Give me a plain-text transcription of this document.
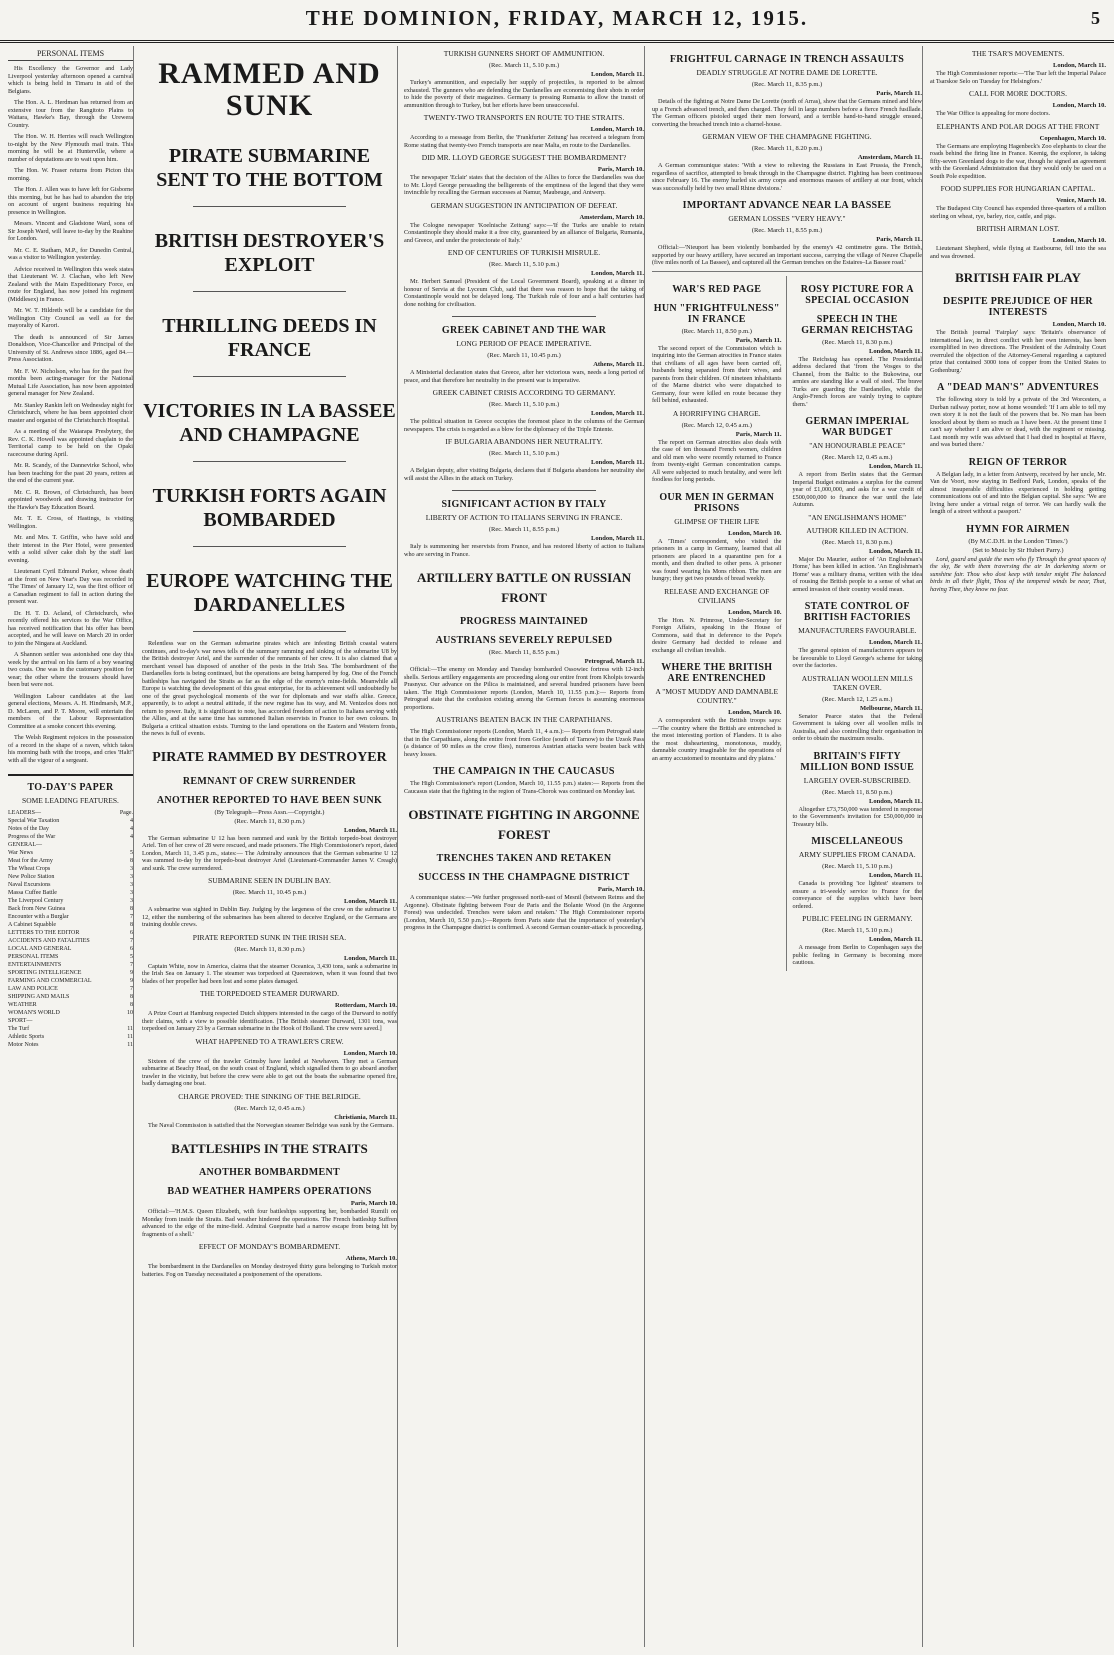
THE DOMINION, FRIDAY, MARCH 12, 1915.	5
PERSONAL ITEMS

His Excellency the Governor and Lady Liverpool yesterday afternoon opened a carnival which is being held in Timaru in aid of the Belgians.

The Hon. A. L. Herdman has returned from an extensive tour from the Rangitoto Plains to Waitara, Hawke's Bay, through the Urewera Country.

The Hon. W. H. Herries will reach Wellington to-night by the New Plymouth mail train. This morning he will be at Hunterville, where a number of deputations are to wait upon him.

The Hon. W. Fraser returns from Picton this morning.

The Hon. J. Allen was to have left for Gisborne this morning, but he has had to abandon the trip on account of urgent business requiring his presence in Wellington.

Messrs. Vincent and Gladstone Ward, sons of Sir Joseph Ward, will leave to-day by the Ruahine for London.

Mr. C. E. Statham, M.P., for Dunedin Central, was a visitor to Wellington yesterday.

Advice received in Wellington this week states that Lieutenant W. J. Clachan, who left New Zealand with the Main Expeditionary Force, en route for England, has now joined his regiment (Middlesex) in France.

Mr. W. T. Hildreth will be a candidate for the Wellington City Council as well as for the mayoralty of Karori.

The death is announced of Sir James Donaldson, Vice-Chancellor and Principal of the University of St. Andrews since 1886, aged 84.—Press Association.

Mr. F. W. Nicholson, who has for the past five months been acting-manager for the National Mutual Life Association, has now been appointed general manager for New Zealand.

Mr. Stanley Rankin left on Wednesday night for Christchurch, where he has been appointed choir master and organist of the Christchurch Hospital.

As a meeting of the Waiarapa Presbytery, the Rev. C. K. Howell was appointed chaplain to the Territorial camp to be held on the Opaki racecourse during April.

Mr. R. Scandy, of the Dannevirke School, who has been teaching for the past 20 years, retires at the end of the current year.

Mr. C. R. Brown, of Christchurch, has been appointed woodwork and drawing instructor for the Hawke's Bay Education Board.

Mr. T. E. Cross, of Hastings, is visiting Wellington.

Mr. and Mrs. T. Griffin, who have sold and their interest in the Pier Hotel, were presented with a solid silver cake dish by the staff last evening.

Lieutenant Cyril Edmund Parker, whose death at the front on New Year's Day was recorded in 'The Times' of January 12, was the first officer of a Canadian regiment to fall in action during the present war.

Dr. H. T. D. Acland, of Christchurch, who recently offered his services to the War Office, has received notification that his offer has been accepted, and he will leave on March 20 in order to join the Ningara at Auckland.

A Shannon settler was astonished one day this week by the arrival on his farm of a boy wearing two coats. One was in the customary position for wear; the other where the trousers should have been but were not.

Wellington Labour candidates at the last general elections, Messrs. A. H. Hindmarsh, M.P., D. McLaren, and P. T. Moore, will entertain the members of the Labour Representation Committee at a smoke concert this evening.

The Welsh Regiment rejoices in the possession of a record in the shape of a raven, which takes his morning bath with the troops, and cries 'Halt!' with all the vigour of a sergeant.

TO-DAY'S PAPER
SOME LEADING FEATURES.
LEADERS—	Page.
Special War Taxation	4
Notes of the Day	4
Progress of the War	4
GENERAL—
War News	5
Meat for the Army	8
The Wheat Crops	3
New Police Station	3
Naval Excursions	3
Massa Cuffee Battle	3
The Liverpool Century	3
Back from New Guinea	8
Encounter with a Burglar	7
A Cabinet Squabble	8
LETTERS TO THE EDITOR	6
ACCIDENTS AND FATALITIES	7
LOCAL AND GENERAL	6
PERSONAL ITEMS	5
ENTERTAINMENTS	7
SPORTING INTELLIGENCE	9
FARMING AND COMMERCIAL	9
LAW AND POLICE	7
SHIPPING AND MAILS	8
WEATHER	8
WOMAN'S WORLD	10
SPORT—
The Turf	11
Athletic Sports	11
Motor Notes	11
RAMMED AND SUNK
PIRATE SUBMARINE SENT TO THE BOTTOM
BRITISH DESTROYER'S EXPLOIT
THRILLING DEEDS IN FRANCE
VICTORIES IN LA BASSEE AND CHAMPAGNE
TURKISH FORTS AGAIN BOMBARDED
EUROPE WATCHING THE DARDANELLES

Relentless war on the German submarine pirates which are infesting British coastal waters continues, and to-day's war news tells of the summary ramming and sinking of the submarine U8 by the British destroyer Ariel, and the surrender of the remnants of her crew. It is also claimed that a merchant vessel has disposed of another of the pests in the Irish Sea. The bombardment of the Dardanelles forts is being continued, but the operations are being hampered by fog. One of the French battleships has navigated the Straits as far as the edge of the enemy's mine-fields. Meanwhile all Europe is watching the development of this great enterprise, for its achievement will undoubtedly be one of the great psychological moments of the war for diplomats and war staffs alike. Greece, apparently, is to adopt a neutral attitude, if the new regime has its way, and M. Venizelos does not return to power. Italy, it is significant to note, has accorded freedom of action to Italians serving with the Allies, and at the same time has summoned Italian reservists in France to her own colours. In Bulgaria a critical situation exists. Turning to the land operations on the Eastern and Western fronts, the news is full of events.

PIRATE RAMMED BY DESTROYER
REMNANT OF CREW SURRENDER
ANOTHER REPORTED TO HAVE BEEN SUNK
(By Telegraph—Press Assn.—Copyright.)
(Rec. March 11, 8.30 p.m.)
London, March 11.

The German submarine U 12 has been rammed and sunk by the British torpedo-boat destroyer Ariel. Ten of her crew of 28 were rescued, and made prisoners. The High Commissioner's report, dated London, March 11, 3.45 p.m., states:— The Admiralty announces that the German submarine U 12 was rammed to-day by the torpedo-boat destroyer Ariel (Lieutenant-Commander James V. Creagh) and sunk. The crew surrendered.

SUBMARINE SEEN IN DUBLIN BAY.
(Rec. March 11, 10.45 p.m.)
London, March 11.

A submarine was sighted in Dublin Bay. Judging by the largeness of the crew on the submarine U 12, either the numbering of the submarines has been altered to deceive England, or the Germans are training double crews.

PIRATE REPORTED SUNK IN THE IRISH SEA.
(Rec. March 11, 8.30 p.m.)
London, March 11.

Captain White, now in America, claims that the steamer Oceanica, 3,430 tons, sank a submarine in the Irish Sea on January 1. The steamer was torpedoed at Queenstown, when it was found that two blades of her propeller had been lost and some plates damaged.

THE TORPEDOED STEAMER DURWARD.
Rotterdam, March 10.

A Prize Court at Hamburg respected Dutch shippers interested in the cargo of the Durward to notify their claims, with a view to possible identification. [The British steamer Durward, 1301 tons, was torpedoed on January 23 by a German submarine in the Hook of Holland. The crew were saved.]

WHAT HAPPENED TO A TRAWLER'S CREW.
London, March 10.

Sixteen of the crew of the trawler Grimsby have landed at Newhaven. They met a German submarine at Beachy Head, on the south coast of England, which signalled them to go aboard another trawler in the vicinity, but before the crew were able to get out the boats the submarine opened fire, badly damaging one boat.

CHARGE PROVED: THE SINKING OF THE BELRIDGE.
(Rec. March 12, 0.45 a.m.)
Christiania, March 11.

The Naval Commission is satisfied that the Norwegian steamer Belridge was sunk by the Germans.

BATTLESHIPS IN THE STRAITS
ANOTHER BOMBARDMENT
BAD WEATHER HAMPERS OPERATIONS
Paris, March 10.

Official:—'H.M.S. Queen Elizabeth, with four battleships supporting her, bombarded Rumili on Monday from inside the Straits. Bad weather hindered the operations. The French battleship Suffren advanced to the edge of the mine-field. Admiral Guepratte had a narrow escape from being hit by fragments of a shell.'

EFFECT OF MONDAY'S BOMBARDMENT.
Athens, March 10.

The bombardment in the Dardanelles on Monday destroyed thirty guns belonging to Turkish motor batteries. Fog on Tuesday necessitated a postponement of the operations.

TURKISH GUNNERS SHORT OF AMMUNITION.
(Rec. March 11, 5.10 p.m.)
London, March 11.

Turkey's ammunition, and especially her supply of projectiles, is reported to be almost exhausted. The gunners who are defending the Dardanelles are economising their shots in order to hide the poverty of their magazines. Germany is pressing Rumania to allow the transit of ammunition through to Turkey, but her efforts have been unsuccessful.

TWENTY-TWO TRANSPORTS EN ROUTE TO THE STRAITS.
London, March 10.

According to a message from Berlin, the 'Frankfurter Zeitung' has received a telegram from Rome stating that twenty-two French transports are near Malta, en route to the Dardanelles.

DID MR. LLOYD GEORGE SUGGEST THE BOMBARDMENT?
Paris, March 10.

The newspaper 'Eclair' states that the decision of the Allies to force the Dardanelles was due to Mr. Lloyd George persuading the belligerents of the emptiness of the legend that they were invincible by recalling the German successes at Namur, Maubeuge, and Antwerp.

GERMAN SUGGESTION IN ANTICIPATION OF DEFEAT.
Amsterdam, March 10.

The Cologne newspaper 'Koelnische Zeitung' says:—'If the Turks are unable to retain Constantinople they should make it a free city, guaranteed by an alliance of Bulgaria, Rumania, and Greece, and under the protectorate of Italy.'

END OF CENTURIES OF TURKISH MISRULE.
(Rec. March 11, 5.10 p.m.)
London, March 11.

Mr. Herbert Samuel (President of the Local Government Board), speaking at a dinner in honour of Servia at the Lyceum Club, said that there was reason to hope that the taking of Constantinople would not be delayed long. The Turkish rule of four and a half centuries had done nothing for civilisation.

GREEK CABINET AND THE WAR
LONG PERIOD OF PEACE IMPERATIVE.
(Rec. March 11, 10.45 p.m.)
Athens, March 11.

A Ministerial declaration states that Greece, after her victorious wars, needs a long period of peace, and that therefore her neutrality in the present war is imperative.

GREEK CABINET CRISIS ACCORDING TO GERMANY.
(Rec. March 11, 5.10 p.m.)
London, March 11.

The political situation in Greece occupies the foremost place in the columns of the German newspapers. The crisis is regarded as a blow for the diplomacy of the Triple Entente.

IF BULGARIA ABANDONS HER NEUTRALITY.
(Rec. March 11, 5.10 p.m.)
London, March 11.

A Belgian deputy, after visiting Bulgaria, declares that if Bulgaria abandons her neutrality she will assist the Allies in the attack on Turkey.

SIGNIFICANT ACTION BY ITALY
LIBERTY OF ACTION TO ITALIANS SERVING IN FRANCE.
(Rec. March 11, 8.55 p.m.)
London, March 11.

Italy is summoning her reservists from France, and has restored liberty of action to Italians who are serving in France.

ARTILLERY BATTLE ON RUSSIAN FRONT
PROGRESS MAINTAINED
AUSTRIANS SEVERELY REPULSED
(Rec. March 11, 8.55 p.m.)
Petrograd, March 11.

Official:—The enemy on Monday and Tuesday bombarded Ossowiec fortress with 12-inch shells. Serious artillery engagements are proceeding along our entire front from Kholpis towards Prasnysz. Our advance on the Pilica is maintained, and several hundred prisoners have been taken. The High Commissioner reports (London, March 10, 11.55 p.m.):— Reports from Petrograd state that the confusion existing among the German forces is assuming enormous proportions.

AUSTRIANS BEATEN BACK IN THE CARPATHIANS.

The High Commissioner reports (London, March 11, 4 a.m.):— Reports from Petrograd state that in the Carpathians, along the entire front from Gorlice (south of Tarnow) to the Uzsok Pass (a distance of 90 miles as the crow flies), numerous Austrian attacks were beaten back with heavy losses.

THE CAMPAIGN IN THE CAUCASUS

The High Commissioner's report (London, March 10, 11.55 p.m.) states:— Reports from the Caucasus state that the fighting in the region of Trans-Chorok was continued on Monday last.

OBSTINATE FIGHTING IN ARGONNE FOREST
TRENCHES TAKEN AND RETAKEN
SUCCESS IN THE CHAMPAGNE DISTRICT
Paris, March 10.

A communique states:—'We further progressed north-east of Mesnil (between Reims and the Argonne). Obstinate fighting between Four de Paris and the Bolante Wood (in the Argonne Forest) was undecided. Trenches were taken and retaken.' The High Commissioner reports (London, March 10, 5.50 p.m.):—Reports from Paris state that the importance of yesterday's progress in the Champagne district is confirmed. A second German counter-attack is proceeding.

FRIGHTFUL CARNAGE IN TRENCH ASSAULTS
DEADLY STRUGGLE AT NOTRE DAME DE LORETTE.
(Rec. March 11, 8.35 p.m.)
Paris, March 11.

Details of the fighting at Notre Dame De Lorette (north of Arras), show that the Germans mined and blew up a French advanced trench, and then charged. They fell in large numbers before a fierce French fusillade. The German officers pistoled urged their men forward, and a terrible hand-to-hand struggle ensued, converting the breached trench into a charnel-house.

GERMAN VIEW OF THE CHAMPAGNE FIGHTING.
(Rec. March 11, 8.20 p.m.)
Amsterdam, March 11.

A German communique states: 'With a view to relieving the Russians in East Prussia, the French, regardless of sacrifice, attempted to break through in the Champagne district. Fighting has been continuous since February 16. The enemy hurled six army corps and enormous masses of artillery at our front, which was successfully held by two small Rhine divisions.'

IMPORTANT ADVANCE NEAR LA BASSEE
GERMAN LOSSES "VERY HEAVY."
(Rec. March 11, 8.55 p.m.)
Paris, March 11.

Official:—'Nieuport has been violently bombarded by the enemy's 42 centimetre guns. The British, supported by our heavy artillery, have secured an important success, carrying the village of Neuve Chapelle (five miles north of La Bassee), and captured all the German trenches on the Estaires–La Bassee road.'

WAR'S RED PAGE
HUN "FRIGHTFULNESS" IN FRANCE
(Rec. March 11, 8.50 p.m.)
Paris, March 11.

The second report of the Commission which is inquiring into the German atrocities in France states that civilians of all ages have been carried off, husbands being separated from their wives, and parents from their children. Of nineteen inhabitants of the Marne district who were dispatched to Germany, four were killed en route because they fell behind, exhausted.

A HORRIFYING CHARGE.
(Rec. March 12, 0.45 a.m.)
Paris, March 11.

The report on German atrocities also deals with the case of ten thousand French women, children and old men who were recently returned to France from twenty-eight German concentration camps. All were subjected to much brutality, and were left foodless for long periods.

OUR MEN IN GERMAN PRISONS
GLIMPSE OF THEIR LIFE
London, March 10.

A 'Times' correspondent, who visited the prisoners in a camp in Germany, learned that all prisoners are placed in a quarantine pen for a month, and then drafted to other pens. A prisoner was found wearing his Mons ribbon. The men are hungry; they get two pounds of bread weekly.

RELEASE AND EXCHANGE OF CIVILIANS
London, March 10.

The Hon. N. Primrose, Under-Secretary for Foreign Affairs, speaking in the House of Commons, said that in deference to the Pope's desire Germany had decided to release and exchange all civilian invalids.

WHERE THE BRITISH ARE ENTRENCHED
A "MOST MUDDY AND DAMNABLE COUNTRY."
London, March 10.

A correspondent with the British troops says:—'The country where the British are entrenched is the most interesting portion of Flanders. It is also the most disheartening, monotonous, muddy, damnable country imaginable for the operations of an army accustomed to mountains and dry plains.'

ROSY PICTURE FOR A SPECIAL OCCASION
SPEECH IN THE GERMAN REICHSTAG
(Rec. March 11, 8.30 p.m.)
London, March 11.

The Reichstag has opened. The Presidential address declared that 'from the Vosges to the Channel, from the Baltic to the Bukowina, our armies are standing like a wall of steel. The brave Turks are guarding the Dardanelles, while the Anglo-French forces are vainly trying to capture them.'

GERMAN IMPERIAL WAR BUDGET
"AN HONOURABLE PEACE"
(Rec. March 12, 0.45 a.m.)
London, March 11.

A report from Berlin states that the German Imperial Budget estimates a surplus for the current year of £1,000,000, and asks for a war credit of £500,000,000 to finance the war until the late Autumn.

"AN ENGLISHMAN'S HOME"
AUTHOR KILLED IN ACTION.
(Rec. March 11, 8.30 p.m.)
London, March 11.

Major Du Maurier, author of 'An Englishman's Home,' has been killed in action. 'An Englishman's Home' was a military drama, written with the idea of rousing the British people to a sense of what an armed invasion of their country would mean.

STATE CONTROL OF BRITISH FACTORIES
MANUFACTURERS FAVOURABLE.
London, March 11.

The general opinion of manufacturers appears to be favourable to Lloyd George's scheme for taking over the factories.

AUSTRALIAN WOOLLEN MILLS TAKEN OVER.
(Rec. March 12, 1.25 a.m.)
Melbourne, March 11.

Senator Pearce states that the Federal Government is taking over all woollen mills in Australia, and also controlling their organisation in order to obtain the maximum results.

BRITAIN'S FIFTY MILLION BOND ISSUE
LARGELY OVER-SUBSCRIBED.
(Rec. March 11, 8.50 p.m.)
London, March 11.

Altogether £73,750,000 was tendered in response to the Government's invitation for £50,000,000 in Treasury bills.

MISCELLANEOUS
ARMY SUPPLIES FROM CANADA.
(Rec. March 11, 5.10 p.m.)
London, March 11.

Canada is providing 'ice lightest' steamers to ensure a tri-weekly service to France for the conveyance of the supplies which have been ordered.

PUBLIC FEELING IN GERMANY.
(Rec. March 11, 5.10 p.m.)
London, March 11.

A message from Berlin to Copenhagen says the public feeling in Germany is becoming more cautious.

THE TSAR'S MOVEMENTS.
London, March 11.

The High Commissioner reports:—'The Tsar left the Imperial Palace at Tsarskoe Selo on Tuesday for Helsingfors.'

CALL FOR MORE DOCTORS.
London, March 10.

The War Office is appealing for more doctors.

ELEPHANTS AND POLAR DOGS AT THE FRONT
Copenhagen, March 10.

The Germans are employing Hagenbeck's Zoo elephants to clear the roads behind the firing line in France. Keenig, the explorer, is taking fifty-seven Greenland dogs to the war, though he signed an agreement with the Greenland Administration that they would only be used on a South Pole expedition.

FOOD SUPPLIES FOR HUNGARIAN CAPITAL.
Venice, March 10.

The Budapest City Council has expended three-quarters of a million sterling on wheat, rye, barley, rice, cattle, and pigs.

BRITISH AIRMAN LOST.
London, March 10.

Lieutenant Shepherd, while flying at Eastbourne, fell into the sea and was drowned.

BRITISH FAIR PLAY
DESPITE PREJUDICE OF HER INTERESTS
London, March 10.

The British journal 'Fairplay' says: 'Britain's observance of international law, in direct conflict with her own interests, has been exemplified in two directions. The President of the Admiralty Court overruled the objection of the Attorney-General regarding a captured prize that contained 3000 tons of copper from the United States to Gothenburg.'

A "DEAD MAN'S" ADVENTURES

The following story is told by a private of the 3rd Worcesters, a Durban railway porter, now at home wounded: 'If I am able to tell my own story it is not the fault of the powers that be. No man has been knocked about by them so much as I have been. At the present time I can't say whether I am alive or dead, with the regiment or missing. Last month my wife was advised that I had died in hospital at Havre, and was buried there.'

REIGN OF TERROR

A Belgian lady, in a letter from Antwerp, received by her uncle, Mr. Van de Voort, now staying in Bedford Park, London, speaks of the almost insuperable difficulties experienced in holding getting communications out of and into the Belgian capital. She says: 'We are living here under a virtual reign of terror. We can hardly walk the length of a street without a passport.'

HYMN FOR AIRMEN
(By M.C.D.H. in the London 'Times.')
(Set to Music by Sir Hubert Parry.)

Lord, guard and guide the men who fly Through the great spaces of the sky, Be with them traversing the air In darkening storm or sunshine fair. Thou who dost keep with tender might The balanced birds in all their flight, Thou of the tempered winds be near, That, having Thee, they know no fear.
